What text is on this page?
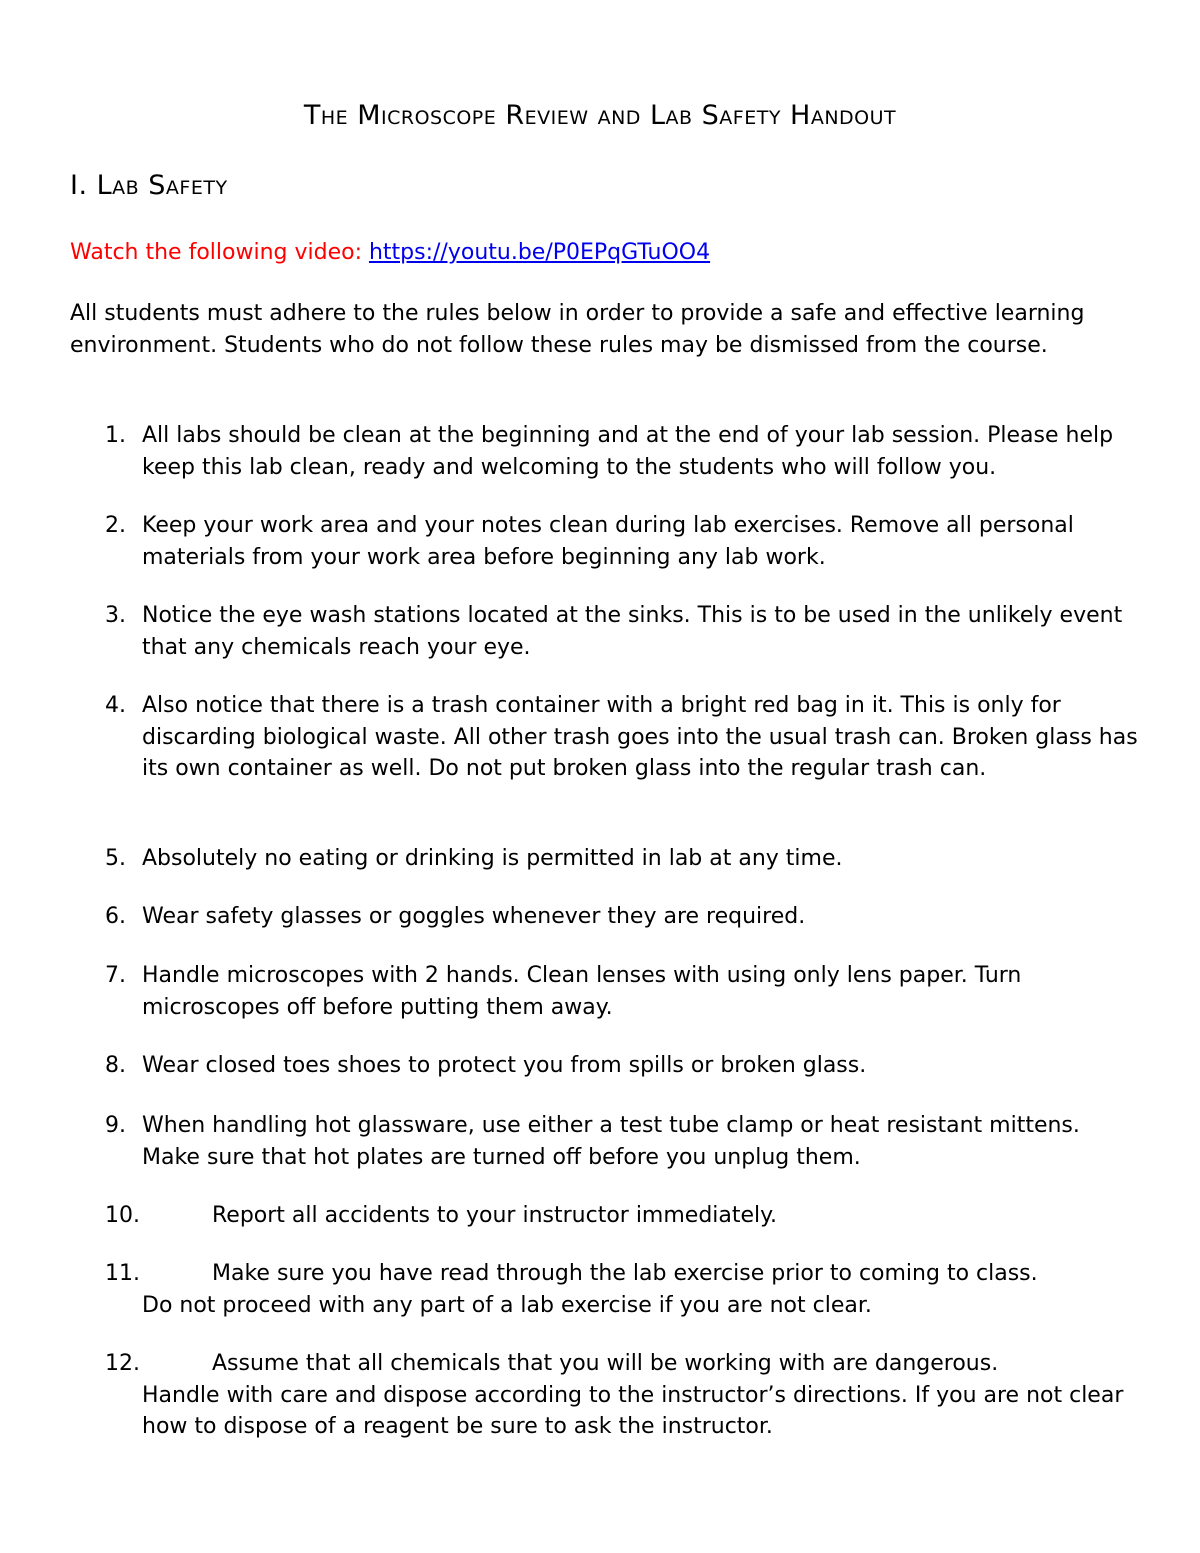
The Microscope Review and Lab Safety Handout
I. Lab Safety

Watch the following video: https://youtu.be/P0EPqGTuOO4

All students must adhere to the rules below in order to provide a safe and effective learning environment. Students who do not follow these rules may be dismissed from the course.

1. All labs should be clean at the beginning and at the end of your lab session. Please help keep this lab clean, ready and welcoming to the students who will follow you.

2. Keep your work area and your notes clean during lab exercises. Remove all personal materials from your work area before beginning any lab work.

3. Notice the eye wash stations located at the sinks. This is to be used in the unlikely event that any chemicals reach your eye.

4. Also notice that there is a trash container with a bright red bag in it. This is only for discarding biological waste. All other trash goes into the usual trash can. Broken glass has its own container as well. Do not put broken glass into the regular trash can.

5. Absolutely no eating or drinking is permitted in lab at any time.

6. Wear safety glasses or goggles whenever they are required.

7. Handle microscopes with 2 hands. Clean lenses with using only lens paper. Turn microscopes off before putting them away.

8. Wear closed toes shoes to protect you from spills or broken glass.

9. When handling hot glassware, use either a test tube clamp or heat resistant mittens. Make sure that hot plates are turned off before you unplug them.

10.	Report all accidents to your instructor immediately.

11.	Make sure you have read through the lab exercise prior to coming to class.
Do not proceed with any part of a lab exercise if you are not clear.

12.	Assume that all chemicals that you will be working with are dangerous.
Handle with care and dispose according to the instructor’s directions. If you are not clear how to dispose of a reagent be sure to ask the instructor.
